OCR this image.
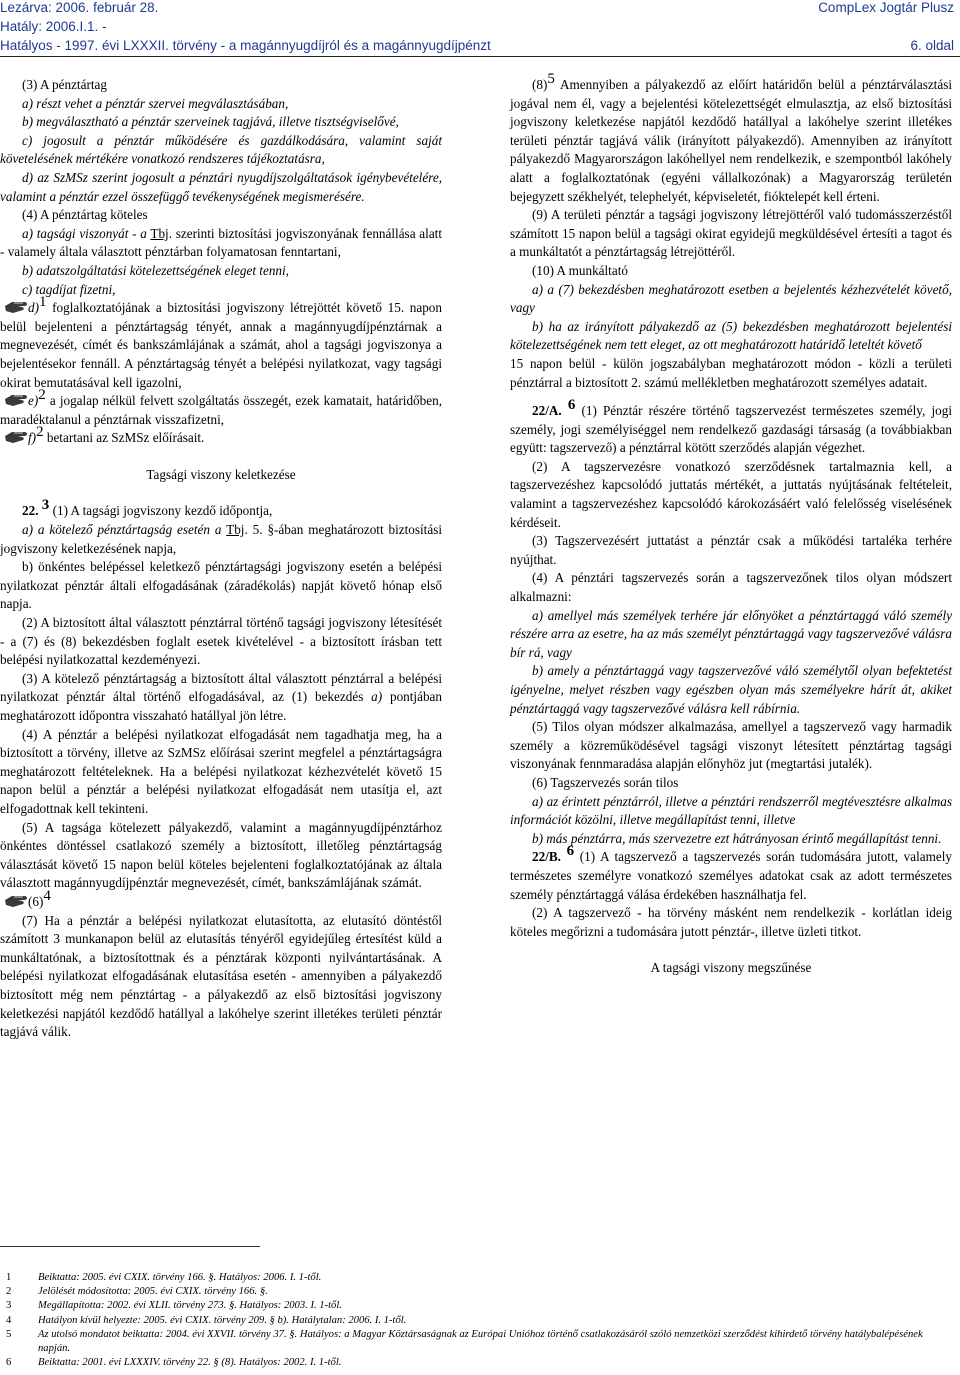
Lezárva: 2006. február 28.
Hatály: 2006.I.1. -
Hatályos - 1997. évi LXXXII. törvény - a magánnyugdíjról és a magánnyugdíjpénzt
CompLex Jogtár Plusz
6. oldal

(3) A pénztártag

a) részt vehet a pénztár szervei megválasztásában,

b) megválasztható a pénztár szerveinek tagjává, illetve tisztségviselővé,

c) jogosult a pénztár működésére és gazdálkodására, valamint saját követelésének mértékére vonatkozó rendszeres tájékoztatásra,

d) az SzMSz szerint jogosult a pénztári nyugdíjszolgáltatások igénybevételére, valamint a pénztár ezzel összefüggő tevékenységének megismerésére.

(4) A pénztártag köteles

a) tagsági viszonyát - a Tbj. szerinti biztosítási jogviszonyának fennállása alatt - valamely általa választott pénztárban folyamatosan fenntartani,

b) adatszolgáltatási kötelezettségének eleget tenni,

c) tagdíjat fizetni,

d)1 foglalkoztatójának a biztosítási jogviszony létrejöttét követő 15. napon belül bejelenteni a pénztártagság tényét, annak a magánnyugdíjpénztárnak a megnevezését, címét és bankszámlájának a számát, ahol a tagsági jogviszonya a bejelentésekor fennáll. A pénztártagság tényét a belépési nyilatkozat, vagy tagsági okirat bemutatásával kell igazolni,

e)2 a jogalap nélkül felvett szolgáltatás összegét, ezek kamatait, határidőben, maradéktalanul a pénztárnak visszafizetni,

f)2 betartani az SzMSz előírásait.

Tagsági viszony keletkezése

22. 3 (1) A tagsági jogviszony kezdő időpontja,

a) a kötelező pénztártagság esetén a Tbj. 5. §-ában meghatározott biztosítási jogviszony keletkezésének napja,

b) önkéntes belépéssel keletkező pénztártagsági jogviszony esetén a belépési nyilatkozat pénztár általi elfogadásának (záradékolás) napját követő hónap első napja.

(2) A biztosított által választott pénztárral történő tagsági jogviszony létesítését - a (7) és (8) bekezdésben foglalt esetek kivételével - a biztosított írásban tett belépési nyilatkozattal kezdeményezi.

(3) A kötelező pénztártagság a biztosított által választott pénztárral a belépési nyilatkozat pénztár által történő elfogadásával, az (1) bekezdés a) pontjában meghatározott időpontra visszaható hatállyal jön létre.

(4) A pénztár a belépési nyilatkozat elfogadását nem tagadhatja meg, ha a biztosított a törvény, illetve az SzMSz előírásai szerint megfelel a pénztártagságra meghatározott feltételeknek. Ha a belépési nyilatkozat kézhezvételét követő 15 napon belül a pénztár a belépési nyilatkozat elfogadását nem utasítja el, azt elfogadottnak kell tekinteni.

(5) A tagsága kötelezett pályakezdő, valamint a magánnyugdíjpénztárhoz önkéntes döntéssel csatlakozó személy a biztosított, illetőleg pénztártagság választását követő 15 napon belül köteles bejelenteni foglalkoztatójának az általa választott magánnyugdíjpénztár megnevezését, címét, bankszámlájának számát.

(6)4

(7) Ha a pénztár a belépési nyilatkozat elutasította, az elutasító döntéstől számított 3 munkanapon belül az elutasítás tényéről egyidejűleg értesítést küld a munkáltatónak, a biztosítottnak és a pénztárak központi nyilvántartásának. A belépési nyilatkozat elfogadásának elutasítása esetén - amennyiben a pályakezdő biztosított még nem pénztártag - a pályakezdő az első biztosítási jogviszony keletkezési napjától kezdődő hatállyal a lakóhelye szerint illetékes területi pénztár tagjává válik.

(8)5 Amennyiben a pályakezdő az előírt határidőn belül a pénztárválasztási jogával nem él, vagy a bejelentési kötelezettségét elmulasztja, az első biztosítási jogviszony keletkezése napjától kezdődő hatállyal a lakóhelye szerint illetékes területi pénztár tagjává válik (irányított pályakezdő). Amennyiben az irányított pályakezdő Magyarországon lakóhellyel nem rendelkezik, e szempontból lakóhely alatt a foglalkoztatónak (egyéni vállalkozónak) a Magyarország területén bejegyzett székhelyét, telephelyét, képviseletét, fióktelepét kell érteni.

(9) A területi pénztár a tagsági jogviszony létrejöttéről való tudomásszerzéstől számított 15 napon belül a tagsági okirat egyidejű megküldésével értesíti a tagot és a munkáltatót a pénztártagság létrejöttéről.

(10) A munkáltató

a) a (7) bekezdésben meghatározott esetben a bejelentés kézhezvételét követő, vagy

b) ha az irányított pályakezdő az (5) bekezdésben meghatározott bejelentési kötelezettségének nem tett eleget, az ott meghatározott határidő leteltét követő

15 napon belül - külön jogszabályban meghatározott módon - közli a területi pénztárral a biztosított 2. számú mellékletben meghatározott személyes adatait.

22/A. 6 (1) Pénztár részére történő tagszervezést természetes személy, jogi személy, jogi személyiséggel nem rendelkező gazdasági társaság (a továbbiakban együtt: tagszervező) a pénztárral kötött szerződés alapján végezhet.

(2) A tagszervezésre vonatkozó szerződésnek tartalmaznia kell, a tagszervezéshez kapcsolódó juttatás mértékét, a juttatás nyújtásának feltételeit, valamint a tagszervezéshez kapcsolódó károkozásáért való felelősség viselésének kérdéseit.

(3) Tagszervezésért juttatást a pénztár csak a működési tartaléka terhére nyújthat.

(4) A pénztári tagszervezés során a tagszervezőnek tilos olyan módszert alkalmazni:

a) amellyel más személyek terhére jár előnyöket a pénztártaggá váló személy részére arra az esetre, ha az más személyt pénztártaggá vagy tagszervezővé válásra bír rá, vagy

b) amely a pénztártaggá vagy tagszervezővé váló személytől olyan befektetést igényelne, melyet részben vagy egészben olyan más személyekre hárít át, akiket pénztártaggá vagy tagszervezővé válásra kell rábírnia.

(5) Tilos olyan módszer alkalmazása, amellyel a tagszervező vagy harmadik személy a közreműködésével tagsági viszonyt létesített pénztártag tagsági viszonyának fennmaradása alapján előnyhöz jut (megtartási jutalék).

(6) Tagszervezés során tilos

a) az érintett pénztárról, illetve a pénztári rendszerről megtévesztésre alkalmas információt közölni, illetve megállapítást tenni, illetve

b) más pénztárra, más szervezetre ezt hátrányosan érintő megállapítást tenni.

22/B. 6 (1) A tagszervező a tagszervezés során tudomására jutott, valamely természetes személyre vonatkozó személyes adatokat csak az adott természetes személy pénztártaggá válása érdekében használhatja fel.

(2) A tagszervező - ha törvény másként nem rendelkezik - korlátlan ideig köteles megőrizni a tudomására jutott pénztár-, illetve üzleti titkot.

A tagsági viszony megszűnése

1	Beiktatta: 2005. évi CXIX. törvény 166. §. Hatályos: 2006. I. 1-től.
2	Jelölését módosította: 2005. évi CXIX. törvény 166. §.
3	Megállapította: 2002. évi XLII. törvény 273. §. Hatályos: 2003. I. 1-től.
4	Hatályon kívül helyezte: 2005. évi CXIX. törvény 209. § b). Hatálytalan: 2006. I. 1-től.
5	Az utolsó mondatot beiktatta: 2004. évi XXVII. törvény 37. §. Hatályos: a Magyar Köztársaságnak az Európai Unióhoz történő csatlakozásáról szóló nemzetközi szerződést kihirdető törvény hatálybalépésének napján.
6	Beiktatta: 2001. évi LXXXIV. törvény 22. § (8). Hatályos: 2002. I. 1-től.
